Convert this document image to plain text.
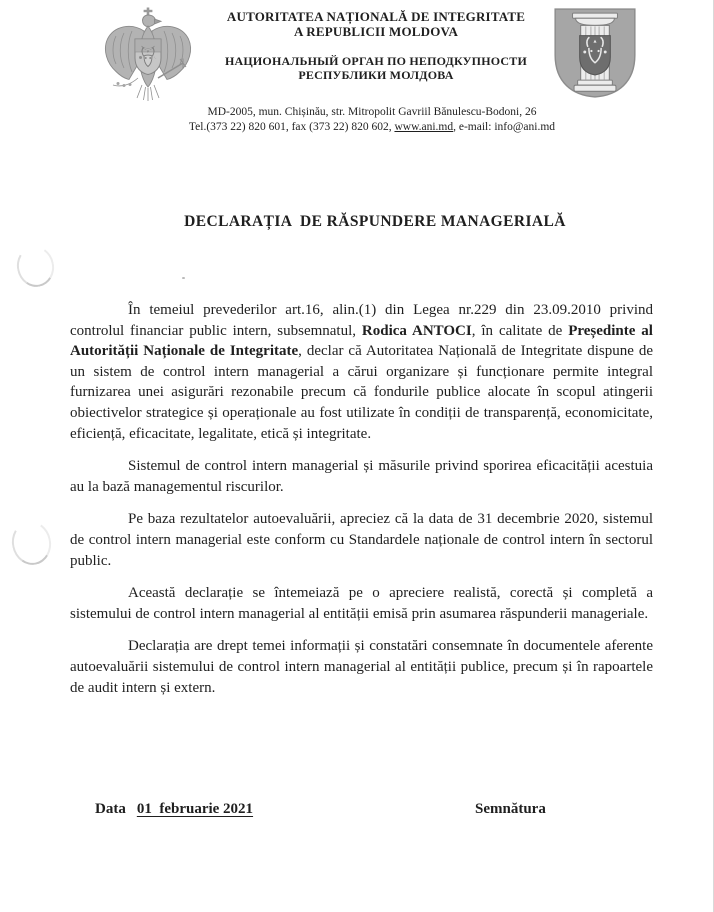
AUTORITATEA NAȚIONALĂ DE INTEGRITATE
A REPUBLICII MOLDOVA
НАЦИОНАЛЬНЫЙ ОРГАН ПО НЕПОДКУПНОСТИ
РЕСПУБЛИКИ МОЛДОВА
MD-2005, mun. Chișinău, str. Mitropolit Gavriil Bănulescu-Bodoni, 26
Tel.(373 22) 820 601, fax (373 22) 820 602, www.ani.md, e-mail: info@ani.md
DECLARAȚIA  DE RĂSPUNDERE MANAGERIALĂ

În temeiul prevederilor art.16, alin.(1) din Legea nr.229 din 23.09.2010 privind controlul financiar public intern, subsemnatul, Rodica ANTOCI, în calitate de Președinte al Autorității Naționale de Integritate, declar că Autoritatea Națională de Integritate dispune de un sistem de control intern managerial a cărui organizare și funcționare permite integral furnizarea unei asigurări rezonabile precum că fondurile publice alocate în scopul atingerii obiectivelor strategice și operaționale au fost utilizate în condiții de transparență, economicitate, eficiență, eficacitate, legalitate, etică și integritate.

Sistemul de control intern managerial și măsurile privind sporirea eficacității acestuia au la bază managementul riscurilor.

Pe baza rezultatelor autoevaluării, apreciez că la data de 31 decembrie 2020, sistemul de control intern managerial este conform cu Standardele naționale de control intern în sectorul public.

Această declarație se întemeiază pe o apreciere realistă, corectă și completă a sistemului de control intern managerial al entității emisă prin asumarea răspunderii manageriale.

Declarația are drept temei informații și constatări consemnate în documentele aferente autoevaluării sistemului de control intern managerial al entității publice, precum și în rapoartele de audit intern și extern.

Data 01  februarie 2021	Semnătura
